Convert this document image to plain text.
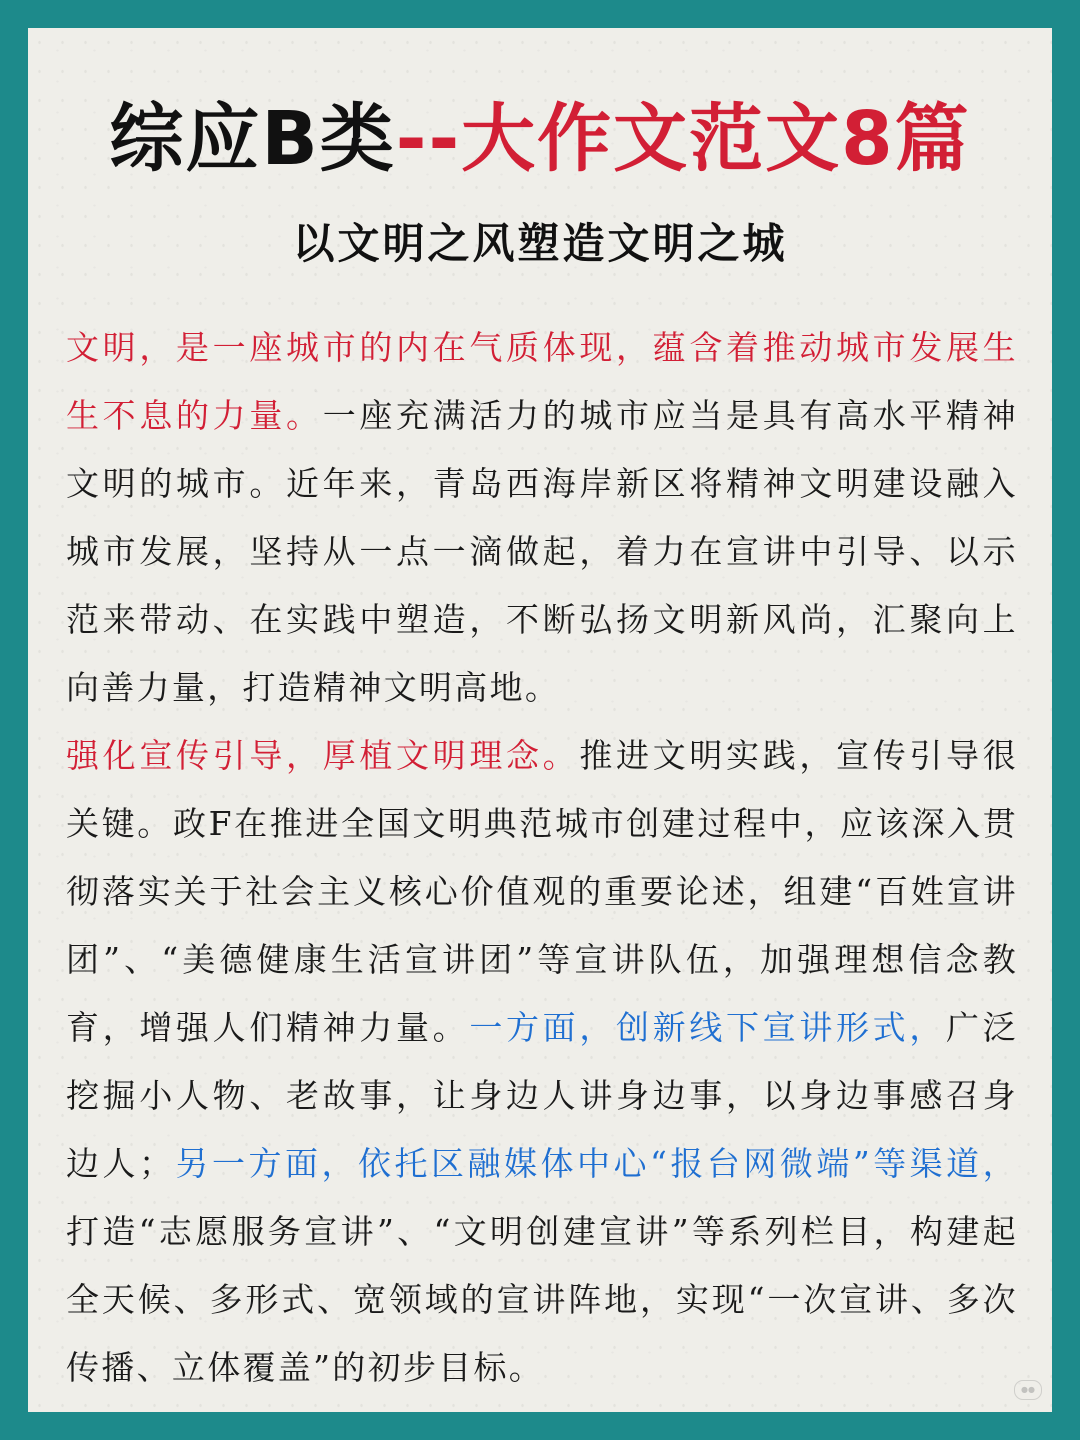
综应B类--大作文范文8篇
以文明之风塑造文明之城

文明，是一座城市的内在气质体现，蕴含着推动城市发展生生不息的力量。一座充满活力的城市应当是具有高水平精神文明的城市。近年来，青岛西海岸新区将精神文明建设融入城市发展，坚持从一点一滴做起，着力在宣讲中引导、以示范来带动、在实践中塑造，不断弘扬文明新风尚，汇聚向上向善力量，打造精神文明高地。

强化宣传引导，厚植文明理念。推进文明实践，宣传引导很关键。政F在推进全国文明典范城市创建过程中，应该深入贯彻落实关于社会主义核心价值观的重要论述，组建“百姓宣讲团”、“美德健康生活宣讲团”等宣讲队伍，加强理想信念教育，增强人们精神力量。一方面，创新线下宣讲形式，广泛挖掘小人物、老故事，让身边人讲身边事，以身边事感召身边人；另一方面，依托区融媒体中心“报台网微端”等渠道，打造“志愿服务宣讲”、“文明创建宣讲”等系列栏目，构建起全天候、多形式、宽领域的宣讲阵地，实现“一次宣讲、多次传播、立体覆盖”的初步目标。

●●
